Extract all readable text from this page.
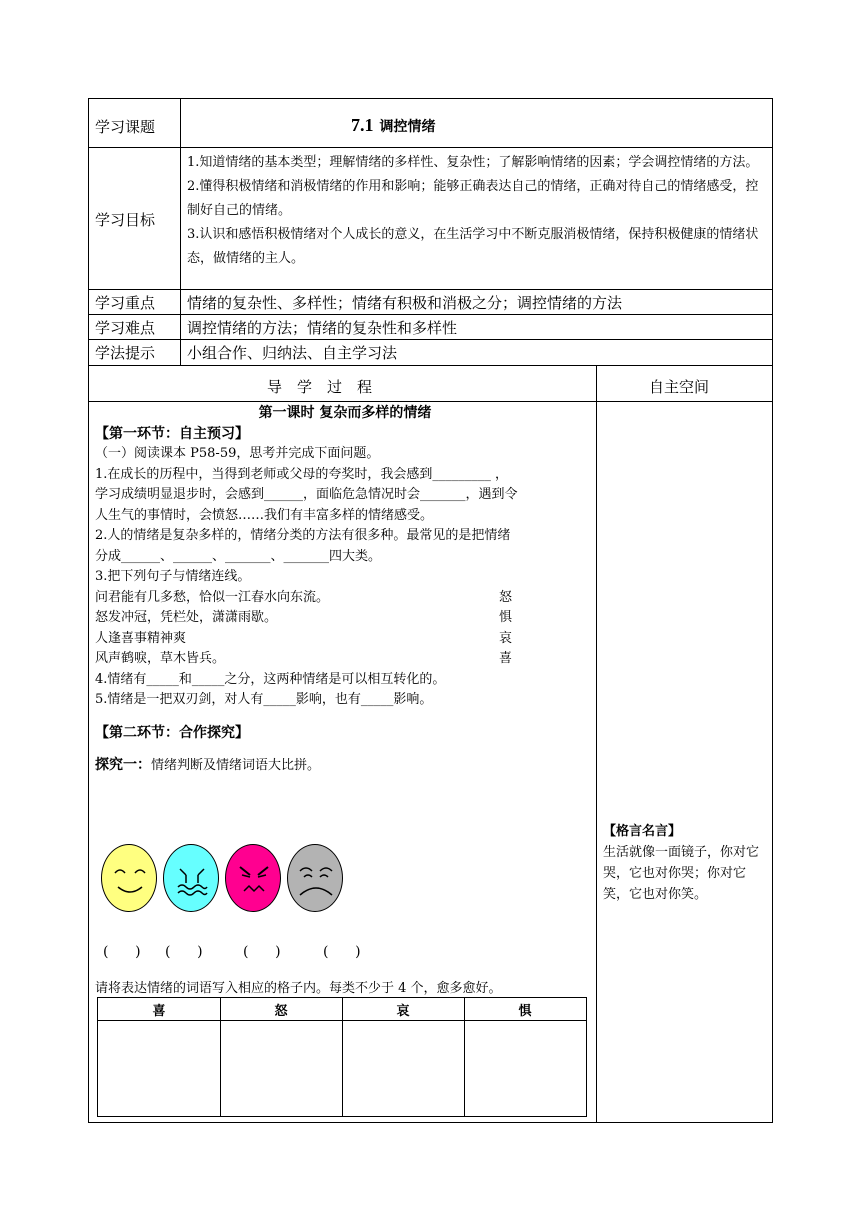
学习课题	7.1 调控情绪
学习目标

1.知道情绪的基本类型；理解情绪的多样性、复杂性；了解影响情绪的因素；学会调控情绪的方法。

2.懂得积极情绪和消极情绪的作用和影响；能够正确表达自己的情绪，正确对待自己的情绪感受，控制好自己的情绪。

3.认识和感悟积极情绪对个人成长的意义，在生活学习中不断克服消极情绪，保持积极健康的情绪状态，做情绪的主人。

学习重点 情绪的复杂性、多样性；情绪有积极和消极之分；调控情绪的方法
学习难点 调控情绪的方法；情绪的复杂性和多样性
学法提示 小组合作、归纳法、自主学习法
导　学　过　程	自主空间

第一课时 复杂而多样的情绪

【第一环节：自主预习】

（一）阅读课本 P58-59，思考并完成下面问题。

1.在成长的历程中，当得到老师或父母的夸奖时，我会感到_________ ，

学习成绩明显退步时，会感到______，面临危急情况时会_______，遇到令

人生气的事情时，会愤怒……我们有丰富多样的情绪感受。

2.人的情绪是复杂多样的，情绪分类的方法有很多种。最常见的是把情绪

分成______、______、_______、_______四大类。

3.把下列句子与情绪连线。

问君能有几多愁，恰似一江春水向东流。	怒
怒发冲冠，凭栏处，潇潇雨歇。	惧
人逢喜事精神爽	哀
风声鹤唳，草木皆兵。	喜

4.情绪有_____和_____之分，这两种情绪是可以相互转化的。

5.情绪是一把双刃剑，对人有_____影响，也有_____影响。

【第二环节：合作探究】

探究一：情绪判断及情绪词语大比拼。

(      ) (      )	(      )	(      )
请将表达情绪的词语写入相应的格子内。每类不少于 4 个，愈多愈好。
喜	怒	哀	惧
【格言名言】
生活就像一面镜子，你对它哭，它也对你哭；你对它笑，它也对你笑。
